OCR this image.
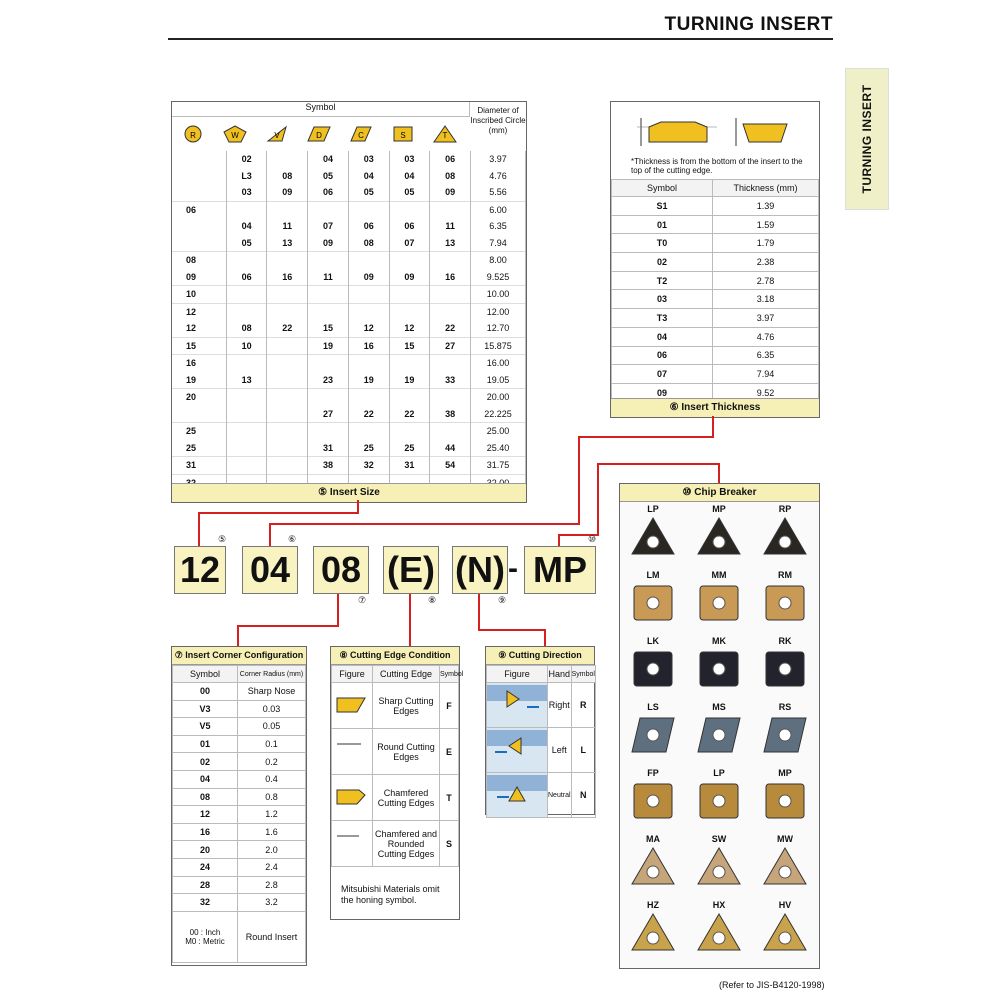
TURNING INSERT
TURNING INSERT
Symbol	Diameter of Inscribed Circle (mm)
R	W	V	D	C	S	T
	02		04	03	03	06	3.97
	L3	08	05	04	04	08	4.76
	03	09	06	05	05	09	5.56
06							6.00
	04	11	07	06	06	11	6.35
	05	13	09	08	07	13	7.94
08							8.00
09	06	16	11	09	09	16	9.525
10							10.00
12							12.00
12	08	22	15	12	12	22	12.70
15	10		19	16	15	27	15.875
16							16.00
19	13		23	19	19	33	19.05
20							20.00
			27	22	22	38	22.225
25							25.00
25			31	25	25	44	25.40
31			38	32	31	54	31.75

⑤ Insert Size
*Thickness is from the bottom of the insert to the top of the cutting edge.
Symbol	Thickness (mm)
S1	1.39
01	1.59
T0	1.79
02	2.38
T2	2.78
03	3.18
T3	3.97
04	4.76
06	6.35
07	7.94
09	9.52
⑥ Insert Thickness
12 04 08 (E) (N) - MP
⑤	⑥
⑦	⑧	⑨
⑩
⑦ Insert Corner Configuration
Symbol	Corner Radius (mm)
00	Sharp Nose
V3	0.03
V5	0.05
01	0.1
02	0.2
04	0.4
08	0.8
12	1.2
16	1.6
20	2.0
24	2.4
28	2.8
32	3.2

00 : Inch
M0 : Metric	Round Insert
⑧ Cutting Edge Condition
Figure	Cutting Edge	Symbol
	Sharp Cutting Edges	F
	Round Cutting Edges	E
	Chamfered Cutting Edges	T
	Chamfered and Rounded Cutting Edges	S
Mitsubishi Materials omit the honing symbol.
⑨ Cutting Direction
Figure	Hand	Symbol
	Right	R
	Left	L
	Neutral	N
⑩ Chip Breaker
LP	MP	RP
LM	MM	RM
LK	MK	RK
LS	MS	RS
FP	LP	MP
MA	SW	MW
HZ	HX	HV
(Refer to JIS-B4120-1998)
